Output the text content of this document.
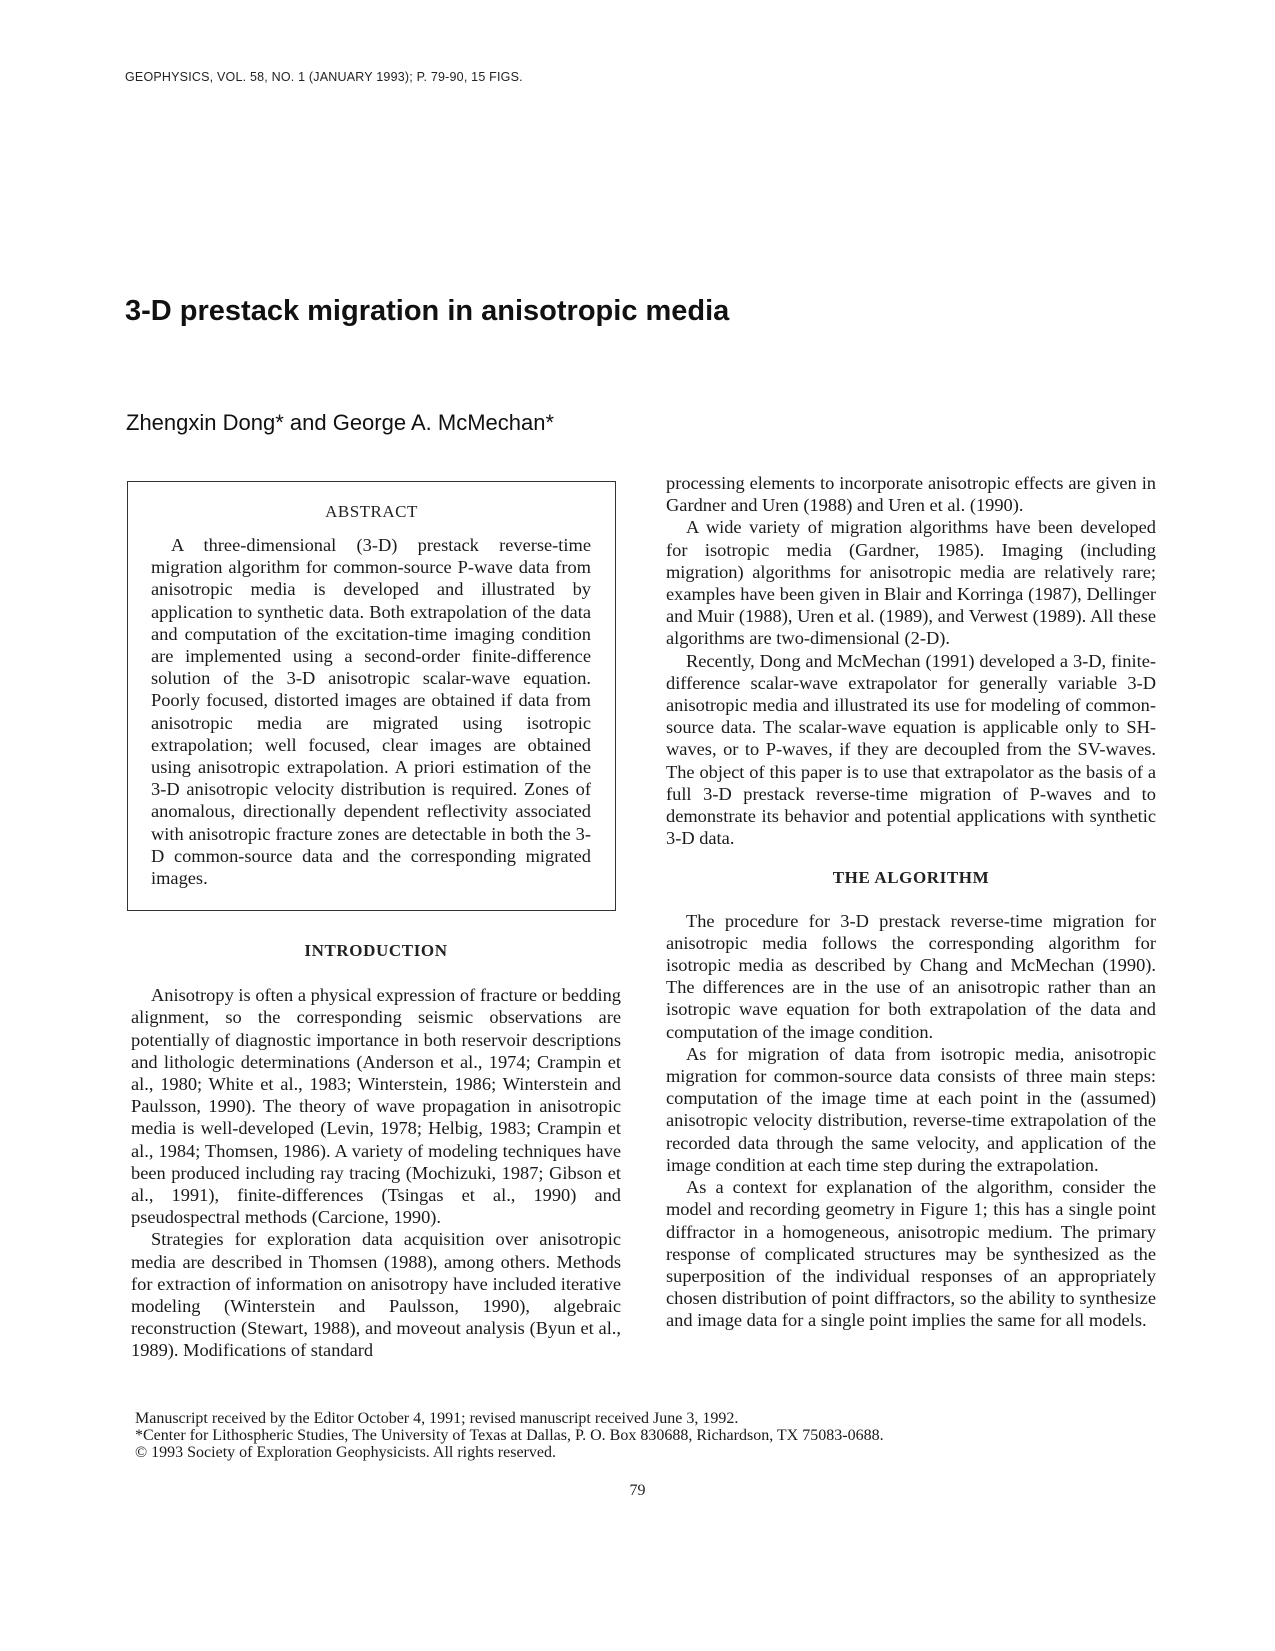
GEOPHYSICS, VOL. 58, NO. 1 (JANUARY 1993); P. 79-90, 15 FIGS.
3-D prestack migration in anisotropic media

Zhengxin Dong* and George A. McMechan*

ABSTRACT

A three-dimensional (3-D) prestack reverse-time migration algorithm for common-source P-wave data from anisotropic media is developed and illustrated by application to synthetic data. Both extrapolation of the data and computation of the excitation-time imaging condition are implemented using a second-order finite-difference solution of the 3-D anisotropic scalar-wave equation. Poorly focused, distorted images are obtained if data from anisotropic media are migrated using isotropic extrapolation; well focused, clear images are obtained using anisotropic extrapolation. A priori estimation of the 3-D anisotropic velocity distribution is required. Zones of anomalous, directionally dependent reflectivity associated with anisotropic fracture zones are detectable in both the 3-D common-source data and the corresponding migrated images.

INTRODUCTION

Anisotropy is often a physical expression of fracture or bedding alignment, so the corresponding seismic observations are potentially of diagnostic importance in both reservoir descriptions and lithologic determinations (Anderson et al., 1974; Crampin et al., 1980; White et al., 1983; Winterstein, 1986; Winterstein and Paulsson, 1990). The theory of wave propagation in anisotropic media is well-developed (Levin, 1978; Helbig, 1983; Crampin et al., 1984; Thomsen, 1986). A variety of modeling techniques have been produced including ray tracing (Mochizuki, 1987; Gibson et al., 1991), finite-differences (Tsingas et al., 1990) and pseudospectral methods (Carcione, 1990).

Strategies for exploration data acquisition over anisotropic media are described in Thomsen (1988), among others. Methods for extraction of information on anisotropy have included iterative modeling (Winterstein and Paulsson, 1990), algebraic reconstruction (Stewart, 1988), and moveout analysis (Byun et al., 1989). Modifications of standard

processing elements to incorporate anisotropic effects are given in Gardner and Uren (1988) and Uren et al. (1990).

A wide variety of migration algorithms have been developed for isotropic media (Gardner, 1985). Imaging (including migration) algorithms for anisotropic media are relatively rare; examples have been given in Blair and Korringa (1987), Dellinger and Muir (1988), Uren et al. (1989), and Verwest (1989). All these algorithms are two-dimensional (2-D).

Recently, Dong and McMechan (1991) developed a 3-D, finite-difference scalar-wave extrapolator for generally variable 3-D anisotropic media and illustrated its use for modeling of common-source data. The scalar-wave equation is applicable only to SH-waves, or to P-waves, if they are decoupled from the SV-waves. The object of this paper is to use that extrapolator as the basis of a full 3-D prestack reverse-time migration of P-waves and to demonstrate its behavior and potential applications with synthetic 3-D data.

THE ALGORITHM

The procedure for 3-D prestack reverse-time migration for anisotropic media follows the corresponding algorithm for isotropic media as described by Chang and McMechan (1990). The differences are in the use of an anisotropic rather than an isotropic wave equation for both extrapolation of the data and computation of the image condition.

As for migration of data from isotropic media, anisotropic migration for common-source data consists of three main steps: computation of the image time at each point in the (assumed) anisotropic velocity distribution, reverse-time extrapolation of the recorded data through the same velocity, and application of the image condition at each time step during the extrapolation.

As a context for explanation of the algorithm, consider the model and recording geometry in Figure 1; this has a single point diffractor in a homogeneous, anisotropic medium. The primary response of complicated structures may be synthesized as the superposition of the individual responses of an appropriately chosen distribution of point diffractors, so the ability to synthesize and image data for a single point implies the same for all models.

Manuscript received by the Editor October 4, 1991; revised manuscript received June 3, 1992.
*Center for Lithospheric Studies, The University of Texas at Dallas, P. O. Box 830688, Richardson, TX 75083-0688.
© 1993 Society of Exploration Geophysicists. All rights reserved.
79
